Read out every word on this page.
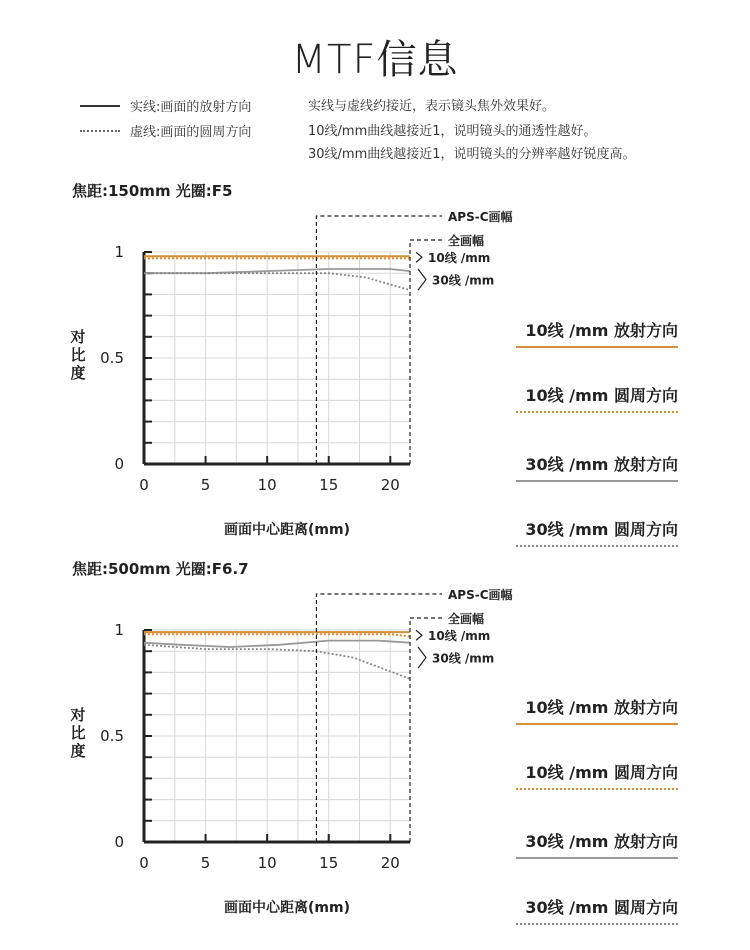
MTF信息
实线:画面的放射方向
虚线:画面的圆周方向
实线与虚线约接近，表示镜头焦外效果好。
10线/mm曲线越接近1，说明镜头的通透性越好。
30线/mm曲线越接近1，说明镜头的分辨率越好锐度高。
焦距:150mm 光圈:F5
0	5	10	15	20
0
0.5
1
APS-C画幅
全画幅
10线 /mm
30线 /mm
对
比
度
画面中心距离(mm)
10线 /mm 放射方向
10线 /mm 圆周方向
30线 /mm 放射方向
30线 /mm 圆周方向
焦距:500mm 光圈:F6.7
0	5	10	15	20
0
0.5
1
APS-C画幅
全画幅
10线 /mm
30线 /mm
对
比
度
画面中心距离(mm)
10线 /mm 放射方向
10线 /mm 圆周方向
30线 /mm 放射方向
30线 /mm 圆周方向
